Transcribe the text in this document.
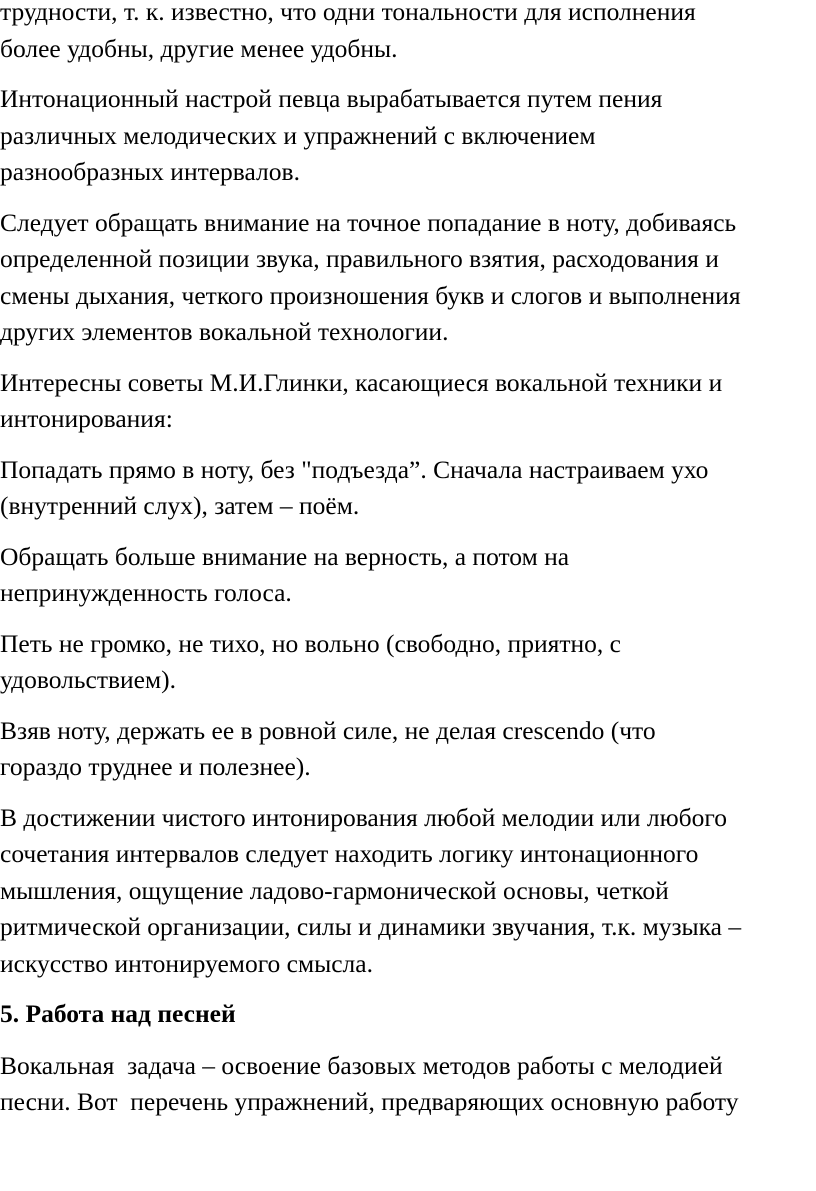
трудности, т. к. известно, что одни тональности для исполнения
более удобны, другие менее удобны.
Интонационный настрой певца вырабатывается путем пения
различных мелодических и упражнений с включением
разнообразных интервалов.
Следует обращать внимание на точное попадание в ноту, добиваясь
определенной позиции звука, правильного взятия, расходования и
смены дыхания, четкого произношения букв и слогов и выполнения
других элементов вокальной технологии.
Интересны советы М.И.Глинки, касающиеся вокальной техники и
интонирования:
Попадать прямо в ноту, без "подъезда”. Сначала настраиваем ухо
(внутренний слух), затем – поём.
Обращать больше внимание на верность, а потом на
непринужденность голоса.
Петь не громко, не тихо, но вольно (свободно, приятно, с
удовольствием).
Взяв ноту, держать ее в ровной силе, не делая crescendo (что
гораздо труднее и полезнее).
В достижении чистого интонирования любой мелодии или любого
сочетания интервалов следует находить логику интонационного
мышления, ощущение ладово-гармонической основы, четкой
ритмической организации, силы и динамики звучания, т.к. музыка –
искусство интонируемого смысла.
5. Работа над песней
Вокальная  задача – освоение базовых методов работы с мелодией
песни. Вот  перечень упражнений, предваряющих основную работу
